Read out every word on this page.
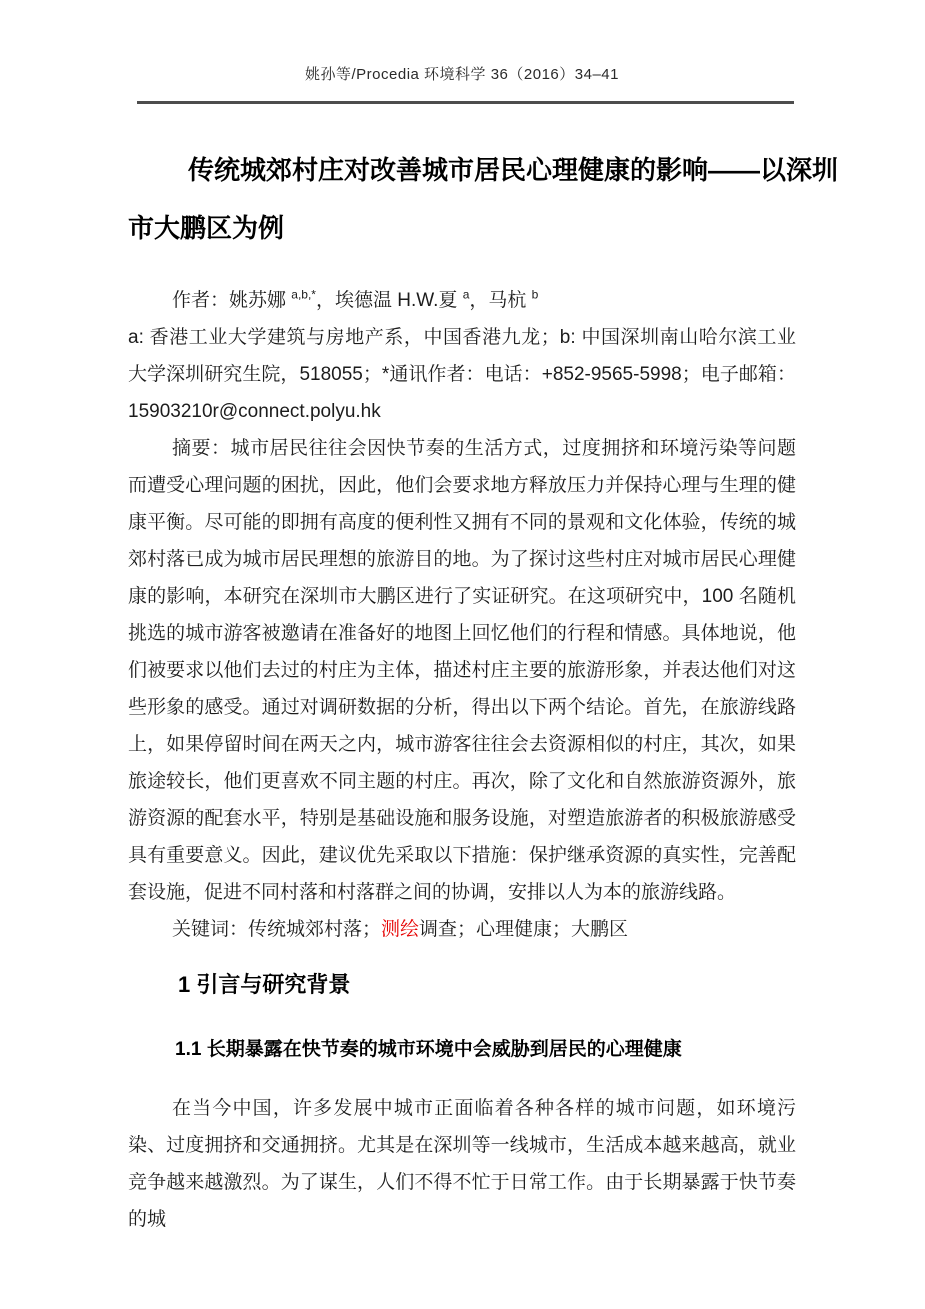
姚孙等/Procedia 环境科学 36（2016）34–41
传统城郊村庄对改善城市居民心理健康的影响——以深圳
市大鹏区为例

作者：姚苏娜 $^{a,b,*}$，埃德温 H.W.夏 $^a$，马杭 $^b$

a: 香港工业大学建筑与房地产系，中国香港九龙；b: 中国深圳南山哈尔滨工业大学深圳研究生院，518055；*通讯作者：电话：+852-9565-5998；电子邮箱：15903210r@connect.polyu.hk

摘要：城市居民往往会因快节奏的生活方式，过度拥挤和环境污染等问题而遭受心理问题的困扰，因此，他们会要求地方释放压力并保持心理与生理的健康平衡。尽可能的即拥有高度的便利性又拥有不同的景观和文化体验，传统的城郊村落已成为城市居民理想的旅游目的地。为了探讨这些村庄对城市居民心理健康的影响，本研究在深圳市大鹏区进行了实证研究。在这项研究中，100 名随机挑选的城市游客被邀请在准备好的地图上回忆他们的行程和情感。具体地说，他们被要求以他们去过的村庄为主体，描述村庄主要的旅游形象，并表达他们对这些形象的感受。通过对调研数据的分析，得出以下两个结论。首先，在旅游线路上，如果停留时间在两天之内，城市游客往往会去资源相似的村庄，其次，如果旅途较长，他们更喜欢不同主题的村庄。再次，除了文化和自然旅游资源外，旅游资源的配套水平，特别是基础设施和服务设施，对塑造旅游者的积极旅游感受具有重要意义。因此，建议优先采取以下措施：保护继承资源的真实性，完善配套设施，促进不同村落和村落群之间的协调，安排以人为本的旅游线路。

关键词：传统城郊村落；测绘调查；心理健康；大鹏区

1 引言与研究背景
1.1 长期暴露在快节奏的城市环境中会威胁到居民的心理健康

在当今中国，许多发展中城市正面临着各种各样的城市问题，如环境污染、过度拥挤和交通拥挤。尤其是在深圳等一线城市，生活成本越来越高，就业竞争越来越激烈。为了谋生，人们不得不忙于日常工作。由于长期暴露于快节奏的城
